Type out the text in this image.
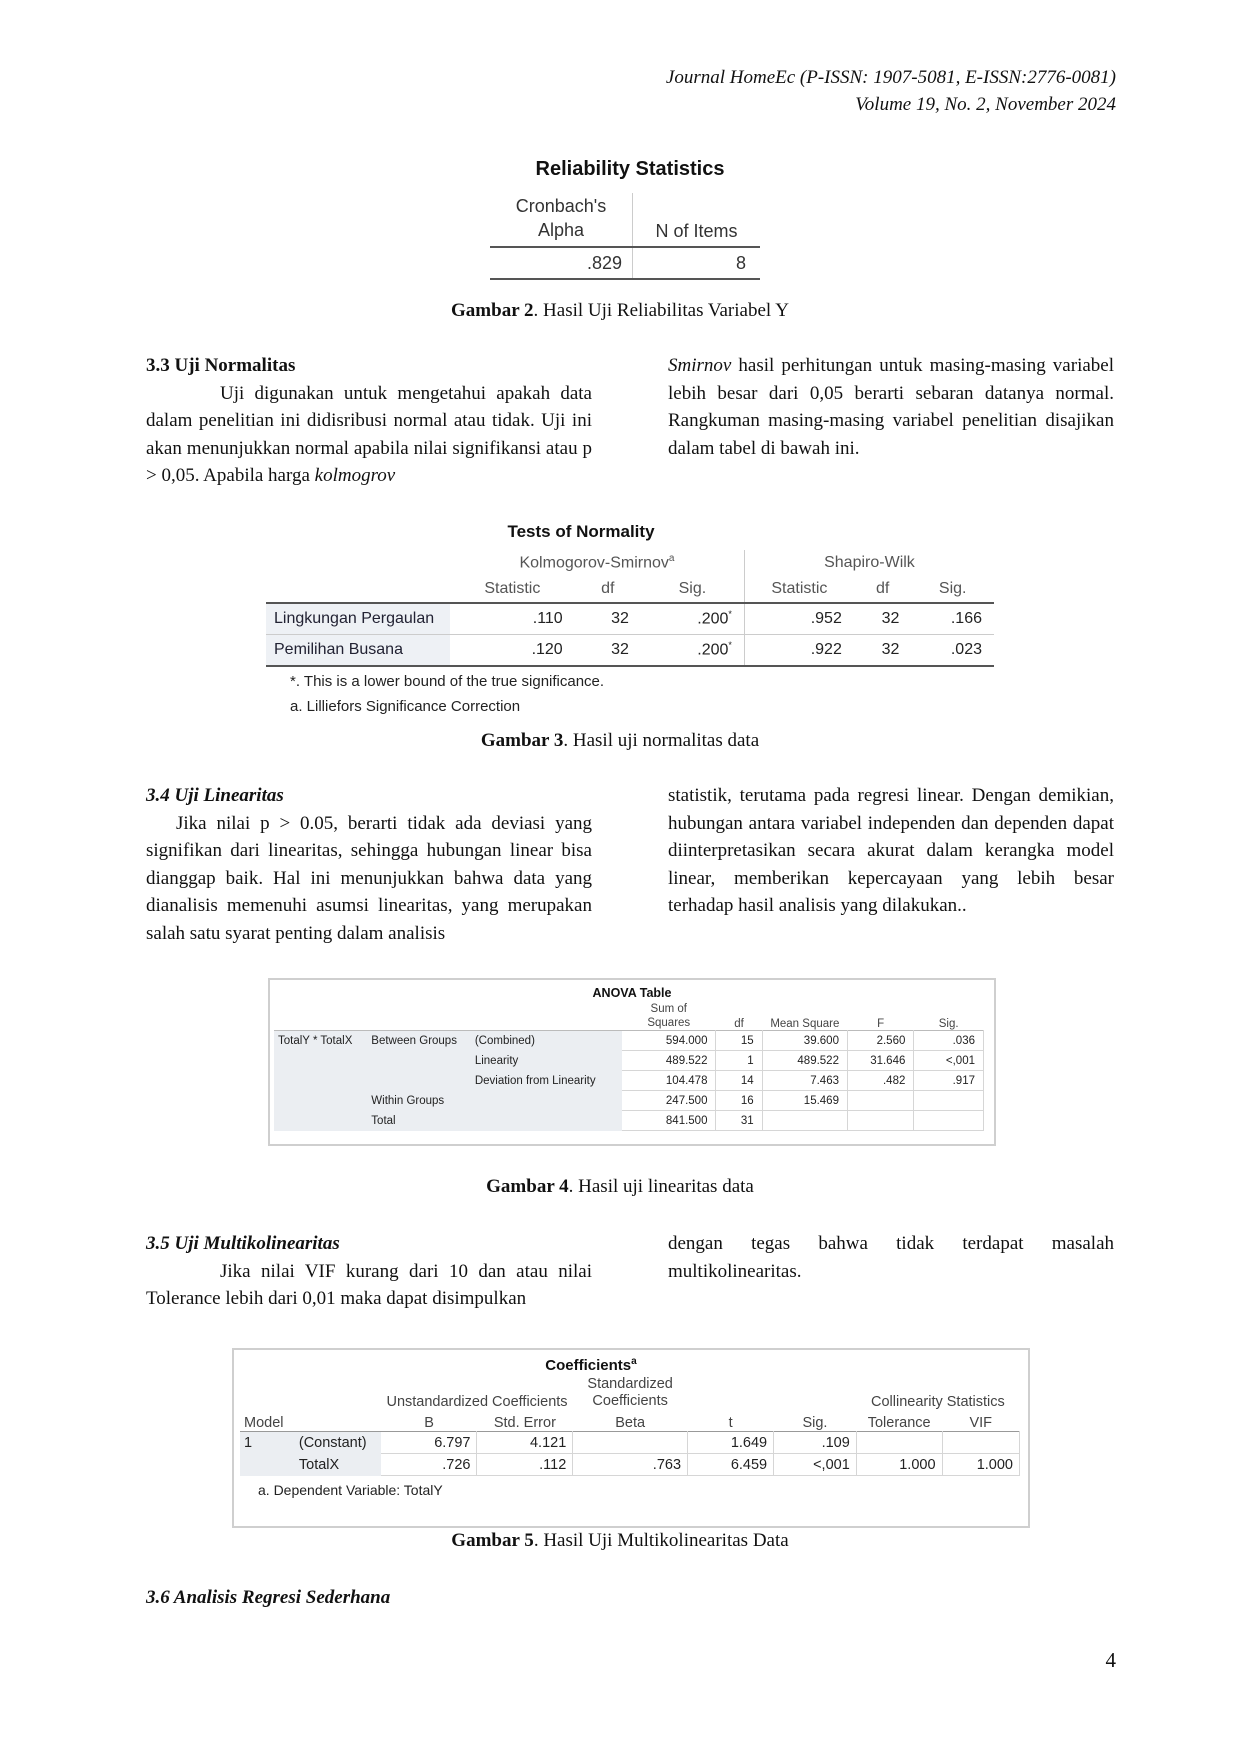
Journal HomeEc (P-ISSN: 1907-5081, E-ISSN:2776-0081)
Volume 19, No. 2, November 2024
Reliability Statistics
Cronbach's
Alpha	N of Items
.829	8
Gambar 2. Hasil Uji Reliabilitas Variabel Y

3.3 Uji Normalitas

Uji digunakan untuk mengetahui apakah data dalam penelitian ini didisribusi normal atau tidak. Uji ini akan menunjukkan normal apabila nilai signifikansi atau p > 0,05. Apabila harga kolmogrov

Smirnov hasil perhitungan untuk masing-masing variabel lebih besar dari 0,05 berarti sebaran datanya normal. Rangkuman masing-masing variabel penelitian disajikan dalam tabel di bawah ini.

Tests of Normality
	Kolmogorov-Smirnov$^a$			Shapiro-Wilk		
	Statistic	df	Sig.	Statistic	df	Sig.
Lingkungan Pergaulan	.110	32	.200*	.952	32	.166
Pemilihan Busana	.120	32	.200*	.922	32	.023
*. This is a lower bound of the true significance.
a. Lilliefors Significance Correction
Gambar 3. Hasil uji normalitas data

3.4 Uji Linearitas

Jika nilai p > 0.05, berarti tidak ada deviasi yang signifikan dari linearitas, sehingga hubungan linear bisa dianggap baik. Hal ini menunjukkan bahwa data yang dianalisis memenuhi asumsi linearitas, yang merupakan salah satu syarat penting dalam analisis

statistik, terutama pada regresi linear. Dengan demikian, hubungan antara variabel independen dan dependen dapat diinterpretasikan secara akurat dalam kerangka model linear, memberikan kepercayaan yang lebih besar terhadap hasil analisis yang dilakukan..

ANOVA Table

			Sum of
Squares	df	Mean Square	F	Sig.
TotalY * TotalX	Between Groups	(Combined)	594.000	15	39.600	2.560	.036
		Linearity	489.522	1	489.522	31.646	<,001
		Deviation from Linearity	104.478	14	7.463	.482	.917
	Within Groups		247.500	16	15.469		
	Total		841.500	31			
Gambar 4. Hasil uji linearitas data

3.5 Uji Multikolinearitas

Jika nilai VIF kurang dari 10 dan atau nilai Tolerance lebih dari 0,01 maka dapat disimpulkan

dengan tegas bahwa tidak terdapat masalah multikolinearitas.

Coefficients$^a$
		Unstandardized Coefficients		Standardized
Coefficients			Collinearity Statistics	
Model		B	Std. Error	Beta	t	Sig.	Tolerance	VIF
1	(Constant)	6.797	4.121		1.649	.109		
	TotalX	.726	.112	.763	6.459	<,001	1.000	1.000
a. Dependent Variable: TotalY
Gambar 5. Hasil Uji Multikolinearitas Data

3.6 Analisis Regresi Sederhana

4
